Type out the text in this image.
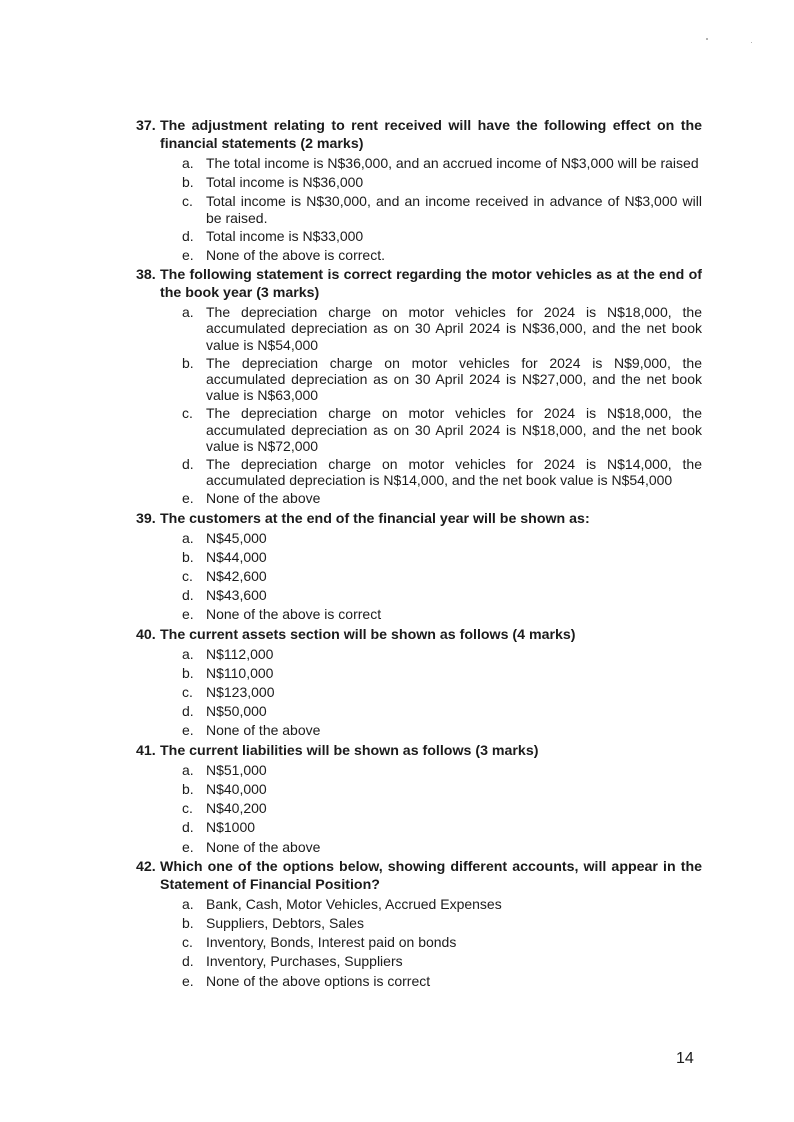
37. The adjustment relating to rent received will have the following effect on the financial statements (2 marks)
a. The total income is N$36,000, and an accrued income of N$3,000 will be raised
b. Total income is N$36,000
c. Total income is N$30,000, and an income received in advance of N$3,000 will be raised.
d. Total income is N$33,000
e. None of the above is correct.
38. The following statement is correct regarding the motor vehicles as at the end of the book year (3 marks)
a. The depreciation charge on motor vehicles for 2024 is N$18,000, the accumulated depreciation as on 30 April 2024 is N$36,000, and the net book value is N$54,000
b. The depreciation charge on motor vehicles for 2024 is N$9,000, the accumulated depreciation as on 30 April 2024 is N$27,000, and the net book value is N$63,000
c. The depreciation charge on motor vehicles for 2024 is N$18,000, the accumulated depreciation as on 30 April 2024 is N$18,000, and the net book value is N$72,000
d. The depreciation charge on motor vehicles for 2024 is N$14,000, the accumulated depreciation is N$14,000, and the net book value is N$54,000
e. None of the above
39. The customers at the end of the financial year will be shown as:
a. N$45,000
b. N$44,000
c. N$42,600
d. N$43,600
e. None of the above is correct
40. The current assets section will be shown as follows (4 marks)
a. N$112,000
b. N$110,000
c. N$123,000
d. N$50,000
e. None of the above
41. The current liabilities will be shown as follows (3 marks)
a. N$51,000
b. N$40,000
c. N$40,200
d. N$1000
e. None of the above
42. Which one of the options below, showing different accounts, will appear in the Statement of Financial Position?
a. Bank, Cash, Motor Vehicles, Accrued Expenses
b. Suppliers, Debtors, Sales
c. Inventory, Bonds, Interest paid on bonds
d. Inventory, Purchases, Suppliers
e. None of the above options is correct
14
